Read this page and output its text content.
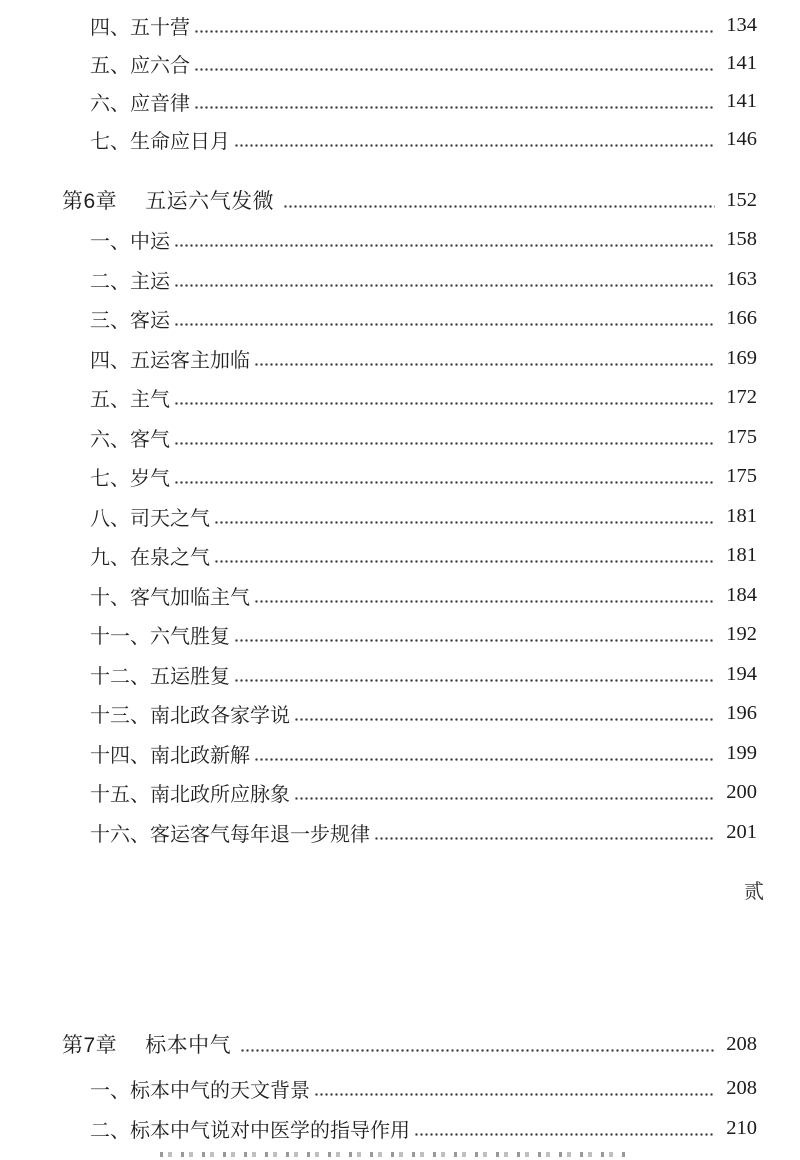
四、五十营	134
五、应六合	141
六、应音律	141
七、生命应日月	146
第6章 五运六气发微	152
一、中运	158
二、主运	163
三、客运	166
四、五运客主加临	169
五、主气	172
六、客气	175
七、岁气	175
八、司天之气	181
九、在泉之气	181
十、客气加临主气	184
十一、六气胜复	192
十二、五运胜复	194
十三、南北政各家学说	196
十四、南北政新解	199
十五、南北政所应脉象	200
十六、客运客气每年退一步规律	201
贰
第7章 标本中气	208
一、标本中气的天文背景	208
二、标本中气说对中医学的指导作用	210
